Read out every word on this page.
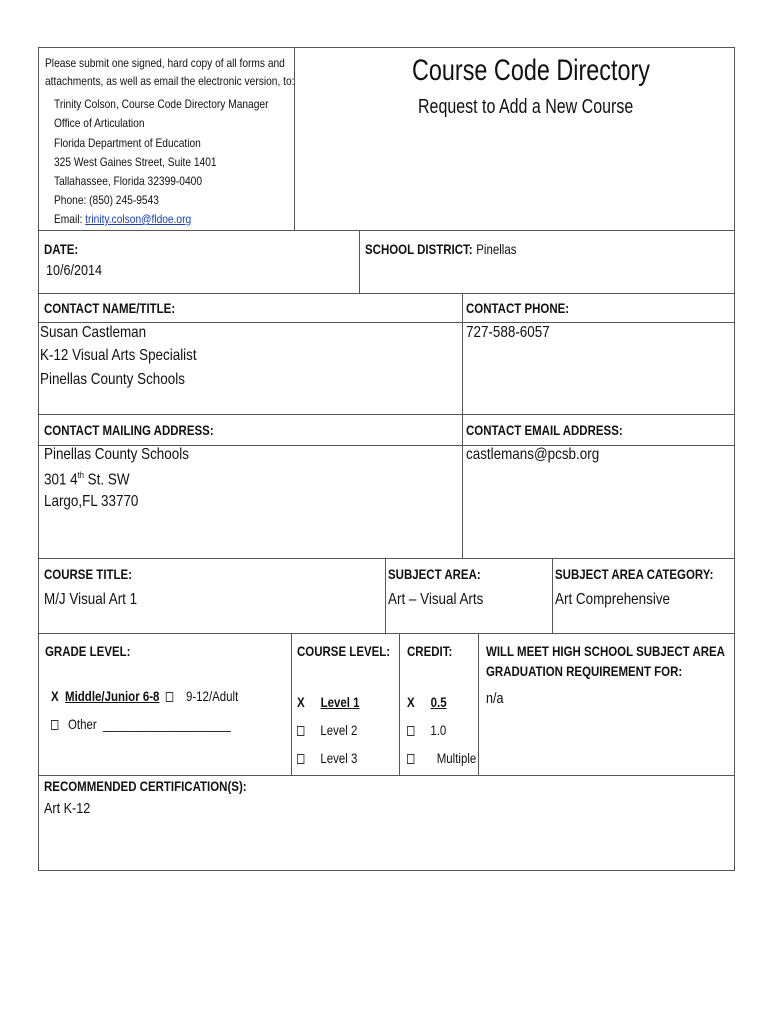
Please submit one signed, hard copy of all forms and
attachments, as well as email the electronic version, to:
Trinity Colson, Course Code Directory Manager
Office of Articulation
Florida Department of Education
325 West Gaines Street, Suite 1401
Tallahassee, Florida 32399-0400
Phone: (850) 245-9543
Email: trinity.colson@fldoe.org
Course Code Directory
Request to Add a New Course
DATE:
10/6/2014
SCHOOL DISTRICT: Pinellas
CONTACT NAME/TITLE:
Susan Castleman
K-12 Visual Arts Specialist
Pinellas County Schools
CONTACT PHONE:
727-588-6057
CONTACT MAILING ADDRESS:
Pinellas County Schools
301 4th St. SW
Largo,FL 33770
CONTACT EMAIL ADDRESS:
castlemans@pcsb.org
COURSE TITLE:
M/J Visual Art 1
SUBJECT AREA:
Art – Visual Arts
SUBJECT AREA CATEGORY:
Art Comprehensive
GRADE LEVEL:
X Middle/Junior 6-8 9-12/Adult
Other ____________________
COURSE LEVEL:
X Level 1
Level 2
Level 3
CREDIT:
X 0.5
1.0
Multiple
WILL MEET HIGH SCHOOL SUBJECT AREA
GRADUATION REQUIREMENT FOR:
n/a
RECOMMENDED CERTIFICATION(S):
Art K-12
